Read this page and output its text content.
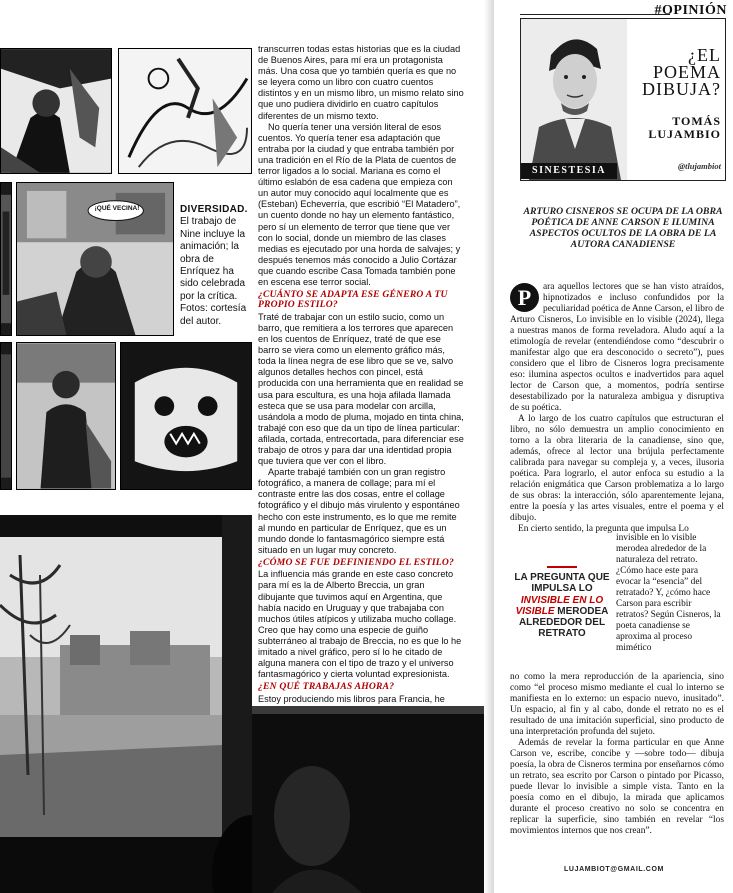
¡QUÉ VECINA!	DIVERSIDAD. El trabajo de Nine incluye la animación; la obra de Enríquez ha sido celebrada por la crítica. Fotos: cortesía del autor.

transcurren todas estas historias que es la ciudad de Buenos Aires, para mí era un protagonista más. Una cosa que yo también quería es que no se leyera como un libro con cuatro cuentos distintos y en un mismo libro, un mismo relato sino que uno pudiera dividirlo en cuatro capítulos diferentes de un mismo texto.

No quería tener una versión literal de esos cuentos. Yo quería tener esa adaptación que entraba por la ciudad y que entraba también por una tradición en el Río de la Plata de cuentos de terror ligados a lo social. Mariana es como el último eslabón de esa cadena que empieza con un autor muy conocido aquí localmente que es (Esteban) Echeverría, que escribió “El Matadero”, un cuento donde no hay un elemento fantástico, pero sí un elemento de terror que tiene que ver con lo social, donde un miembro de las clases medias es ejecutado por una horda de salvajes; y después tenemos más conocido a Julio Cortázar que cuando escribe Casa Tomada también pone en escena ese terror social.

¿CUÁNTO SE ADAPTA ESE GÉNERO A TU PROPIO ESTILO?

Traté de trabajar con un estilo sucio, como un barro, que remitiera a los terrores que aparecen en los cuentos de Enríquez, traté de que ese barro se viera como un elemento gráfico más, toda la línea negra de ese libro que se ve, salvo algunos detalles hechos con pincel, está producida con una herramienta que en realidad se usa para escultura, es una hoja afilada llamada esteca que se usa para modelar con arcilla, usándola a modo de pluma, mojado en tinta china, trabajé con eso que da un tipo de línea particular: afilada, cortada, entrecortada, para diferenciar ese trabajo de otros y para dar una identidad propia que tuviera que ver con el libro.

Aparte trabajé también con un gran registro fotográfico, a manera de collage; para mí el contraste entre las dos cosas, entre el collage fotográfico y el dibujo más virulento y espontáneo hecho con este instrumento, es lo que me remite al mundo en particular de Enríquez, que es un mundo donde lo fantasmagórico siempre está situado en un lugar muy concreto.

¿CÓMO SE FUE DEFINIENDO EL ESTILO?

La influencia más grande en este caso concreto para mí es la de Alberto Breccia, un gran dibujante que tuvimos aquí en Argentina, que había nacido en Uruguay y que trabajaba con muchos útiles atípicos y utilizaba mucho collage. Creo que hay como una especie de guiño subterráneo al trabajo de Breccia, no es que lo he imitado a nivel gráfico, pero sí lo he citado de alguna manera con el tipo de trazo y el universo fantasmagórico y cierta voluntad expresionista.

¿EN QUÉ TRABAJAS AHORA?

Estoy produciendo mis libros para Francia, he

#OPINIÓN
SINESTESIA
¿EL POEMA DIBUJA?
TOMÁS
LUJAMBIO
@tlujambiot
ARTURO CISNEROS SE OCUPA DE LA OBRA POÉTICA DE ANNE CARSON E ILUMINA ASPECTOS OCULTOS DE LA OBRA DE LA AUTORA CANADIENSE

P	ara aquellos lectores que se han visto atraídos, hipnotizados e incluso confundidos por la peculiaridad poética de Anne Carson, el libro de Arturo Cisneros, Lo invisible en lo visible (2024), llega a nuestras manos de forma reveladora. Aludo aquí a la etimología de revelar (entendiéndose como “descubrir o manifestar algo que era desconocido o secreto”), pues considero que el libro de Cisneros logra precisamente eso: ilumina aspectos ocultos e inadvertidos para aquel lector de Carson que, a momentos, podría sentirse desestabilizado por la naturaleza ambigua y disruptiva de su poética.

A lo largo de los cuatro capítulos que estructuran el libro, no sólo demuestra un amplio conocimiento en torno a la obra literaria de la canadiense, sino que, además, ofrece al lector una brújula perfectamente calibrada para navegar su compleja y, a veces, ilusoria poética. Para lograrlo, el autor enfoca su estudio a la relación enigmática que Carson problematiza a lo largo de sus obras: la interacción, sólo aparentemente lejana, entre la poesía y las artes visuales, entre el poema y el dibujo.

En cierto sentido, la pregunta que impulsa Lo

LA PREGUNTA QUE IMPULSA LO INVISIBLE EN LO VISIBLE MERODEA ALREDEDOR DEL RETRATO

invisible en lo visible merodea alrededor de la naturaleza del retrato. ¿Cómo hace este para evocar la “esencia” del retratado? Y, ¿cómo hace Carson para escribir retratos? Según Cisneros, la poeta canadiense se aproxima al proceso mimético

no como la mera reproducción de la apariencia, sino como “el proceso mismo mediante el cual lo interno se manifiesta en lo externo: un espacio nuevo, inusitado”. Un espacio, al fin y al cabo, donde el retrato no es el resultado de una imitación superficial, sino producto de una interpretación profunda del sujeto.

Además de revelar la forma particular en que Anne Carson ve, escribe, concibe y —sobre todo— dibuja poesía, la obra de Cisneros termina por enseñarnos cómo un retrato, sea escrito por Carson o pintado por Picasso, puede llevar lo invisible a simple vista. Tanto en la poesía como en el dibujo, la mirada que aplicamos durante el proceso creativo no solo se concentra en replicar la superficie, sino también en revelar “los movimientos internos que nos crean”.

LUJAMBIOT@GMAIL.COM
